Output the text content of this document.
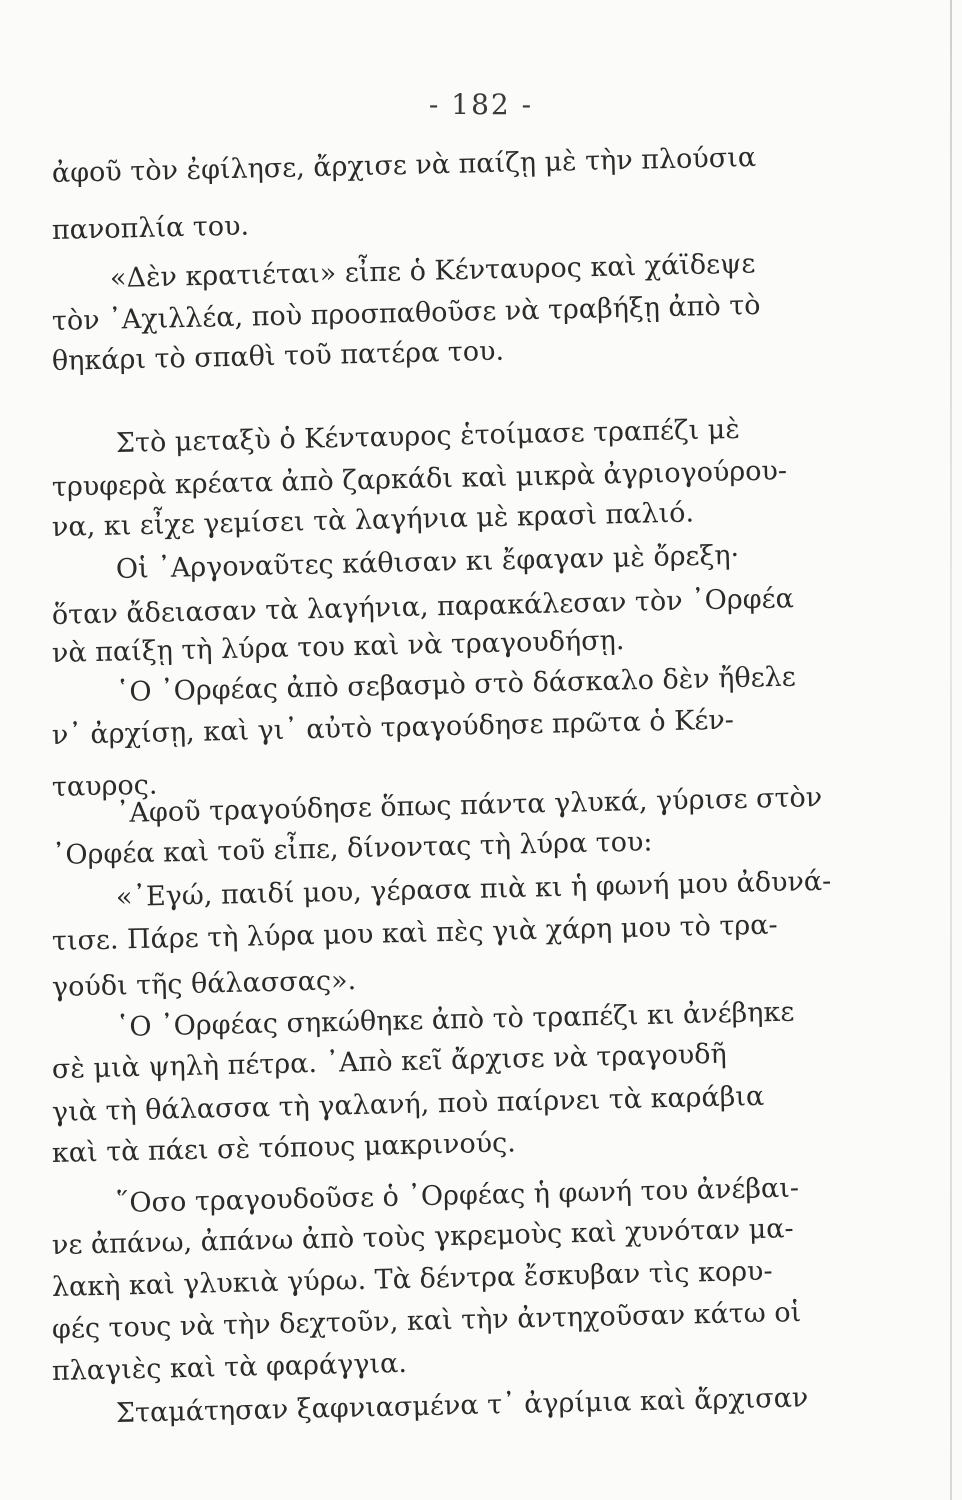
- 182 -
ἀφοῦ τὸν ἐφίλησε, ἄρχισε νὰ παίζῃ μὲ τὴν πλούσια
πανοπλία του.
«Δὲν κρατιέται» εἶπε ὁ Κένταυρος καὶ χάϊδεψε
τὸν ᾿Αχιλλέα, ποὺ προσπαθοῦσε νὰ τραβήξῃ ἀπὸ τὸ
θηκάρι τὸ σπαθὶ τοῦ πατέρα του.
Στὸ μεταξὺ ὁ Κένταυρος ἑτοίμασε τραπέζι μὲ
τρυφερὰ κρέατα ἀπὸ ζαρκάδι καὶ μικρὰ ἀγριογούρου-
να, κι εἶχε γεμίσει τὰ λαγήνια μὲ κρασὶ παλιό.
Οἱ ᾿Αργοναῦτες κάθισαν κι ἔφαγαν μὲ ὄρεξη·
ὅταν ἄδειασαν τὰ λαγήνια, παρακάλεσαν τὸν ᾿Ορφέα
νὰ παίξῃ τὴ λύρα του καὶ νὰ τραγουδήσῃ.
῾Ο ᾿Ορφέας ἀπὸ σεβασμὸ στὸ δάσκαλο δὲν ἤθελε
ν᾿ ἀρχίσῃ, καὶ γι᾿ αὐτὸ τραγούδησε πρῶτα ὁ Κέν-
ταυρος.
᾿Αφοῦ τραγούδησε ὅπως πάντα γλυκά, γύρισε στὸν
᾿Ορφέα καὶ τοῦ εἶπε, δίνοντας τὴ λύρα του:
«᾿Εγώ, παιδί μου, γέρασα πιὰ κι ἡ φωνή μου ἀδυνά-
τισε. Πάρε τὴ λύρα μου καὶ πὲς γιὰ χάρη μου τὸ τρα-
γούδι τῆς θάλασσας».
῾Ο ᾿Ορφέας σηκώθηκε ἀπὸ τὸ τραπέζι κι ἀνέβηκε
σὲ μιὰ ψηλὴ πέτρα. ᾿Απὸ κεῖ ἄρχισε νὰ τραγουδῆ
γιὰ τὴ θάλασσα τὴ γαλανή, ποὺ παίρνει τὰ καράβια
καὶ τὰ πάει σὲ τόπους μακρινούς.
῞Οσο τραγουδοῦσε ὁ ᾿Ορφέας ἡ φωνή του ἀνέβαι-
νε ἀπάνω, ἀπάνω ἀπὸ τοὺς γκρεμοὺς καὶ χυνόταν μα-
λακὴ καὶ γλυκιὰ γύρω. Τὰ δέντρα ἔσκυβαν τὶς κορυ-
φές τους νὰ τὴν δεχτοῦν, καὶ τὴν ἀντηχοῦσαν κάτω οἱ
πλαγιὲς καὶ τὰ φαράγγια.
Σταμάτησαν ξαφνιασμένα τ᾿ ἀγρίμια καὶ ἄρχισαν
